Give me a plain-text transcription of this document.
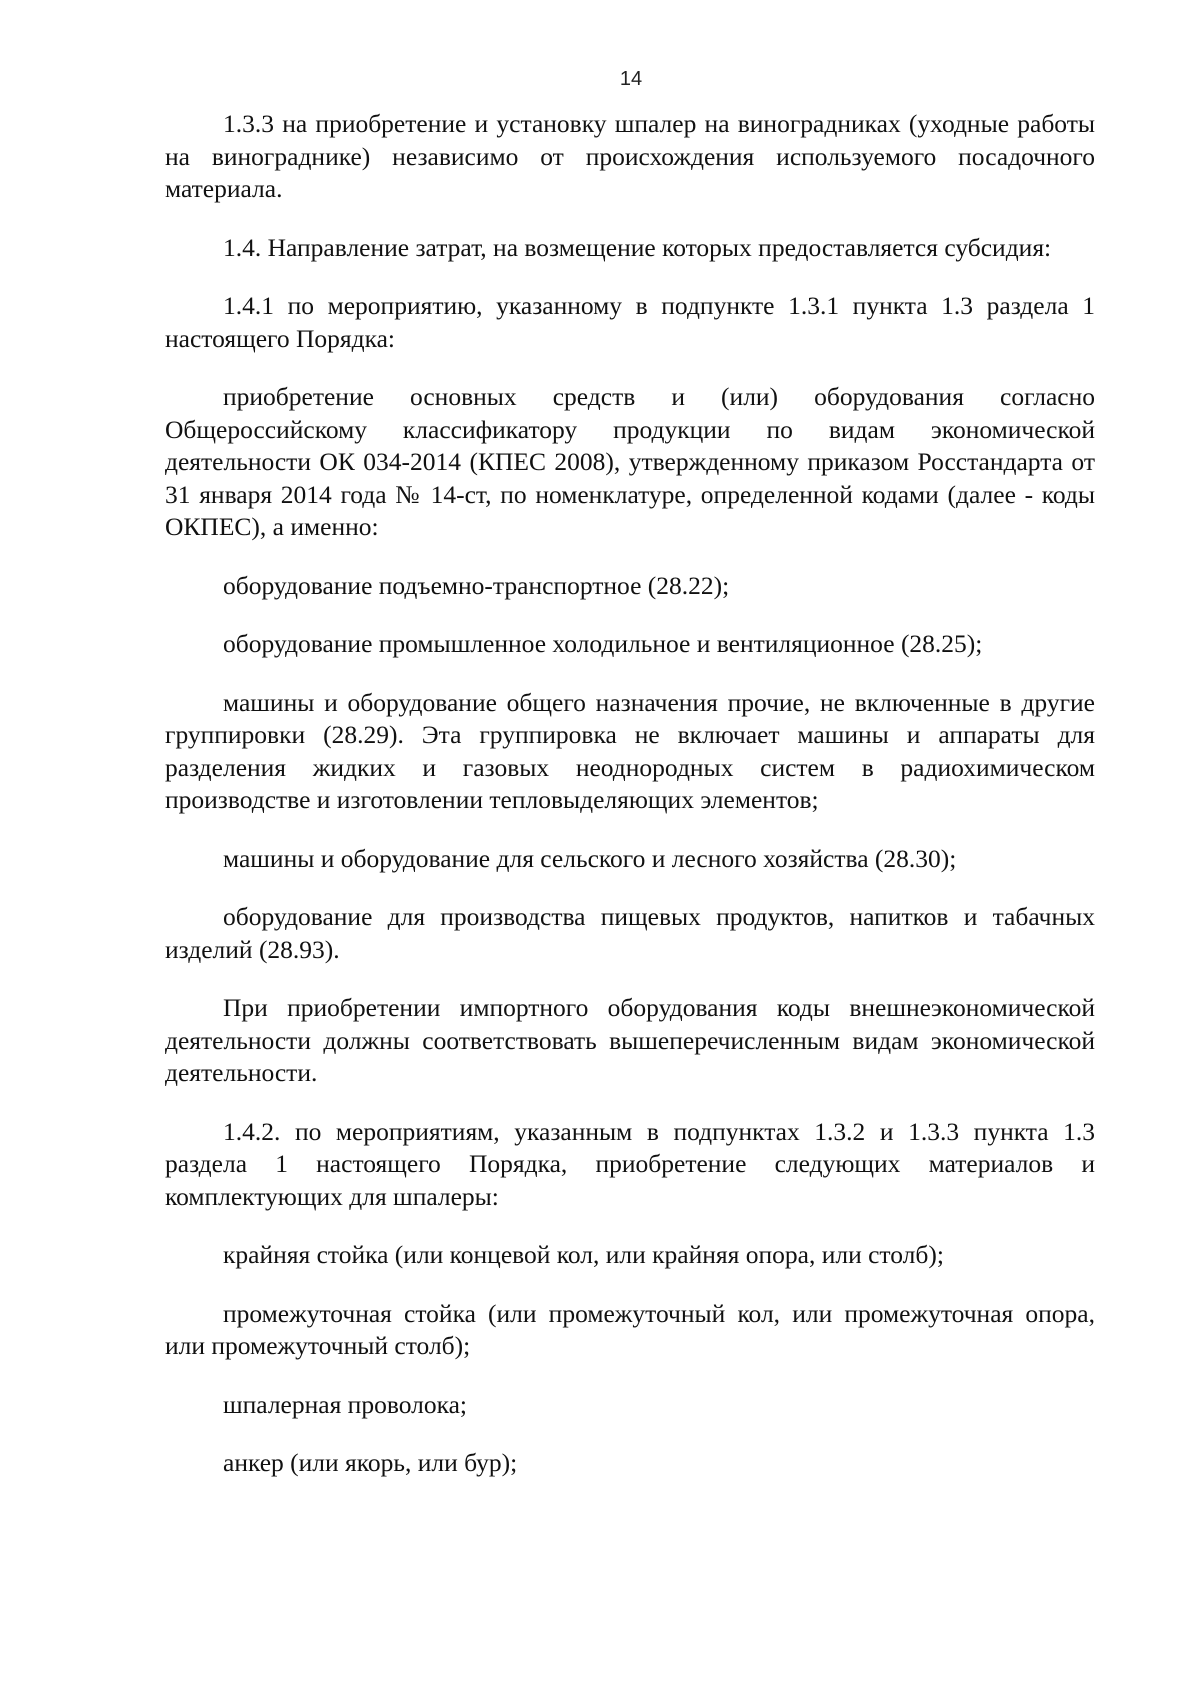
14

1.3.3 на приобретение и установку шпалер на виноградниках (уходные работы на винограднике) независимо от происхождения используемого посадочного материала.

1.4. Направление затрат, на возмещение которых предоставляется субсидия:

1.4.1 по мероприятию, указанному в подпункте 1.3.1 пункта 1.3 раздела 1 настоящего Порядка:

приобретение основных средств и (или) оборудования согласно Общероссийскому классификатору продукции по видам экономической деятельности ОК 034-2014 (КПЕС 2008), утвержденному приказом Росстандарта от 31 января 2014 года № 14-ст, по номенклатуре, определенной кодами (далее - коды ОКПЕС), а именно:

оборудование подъемно-транспортное (28.22);

оборудование промышленное холодильное и вентиляционное (28.25);

машины и оборудование общего назначения прочие, не включенные в другие группировки (28.29). Эта группировка не включает машины и аппараты для разделения жидких и газовых неоднородных систем в радиохимическом производстве и изготовлении тепловыделяющих элементов;

машины и оборудование для сельского и лесного хозяйства (28.30);

оборудование для производства пищевых продуктов, напитков и табачных изделий (28.93).

При приобретении импортного оборудования коды внешнеэкономической деятельности должны соответствовать вышеперечисленным видам экономической деятельности.

1.4.2. по мероприятиям, указанным в подпунктах 1.3.2 и 1.3.3 пункта 1.3 раздела 1 настоящего Порядка, приобретение следующих материалов и комплектующих для шпалеры:

крайняя стойка (или концевой кол, или крайняя опора, или столб);

промежуточная стойка (или промежуточный кол, или промежуточная опора, или промежуточный столб);

шпалерная проволока;

анкер (или якорь, или бур);
